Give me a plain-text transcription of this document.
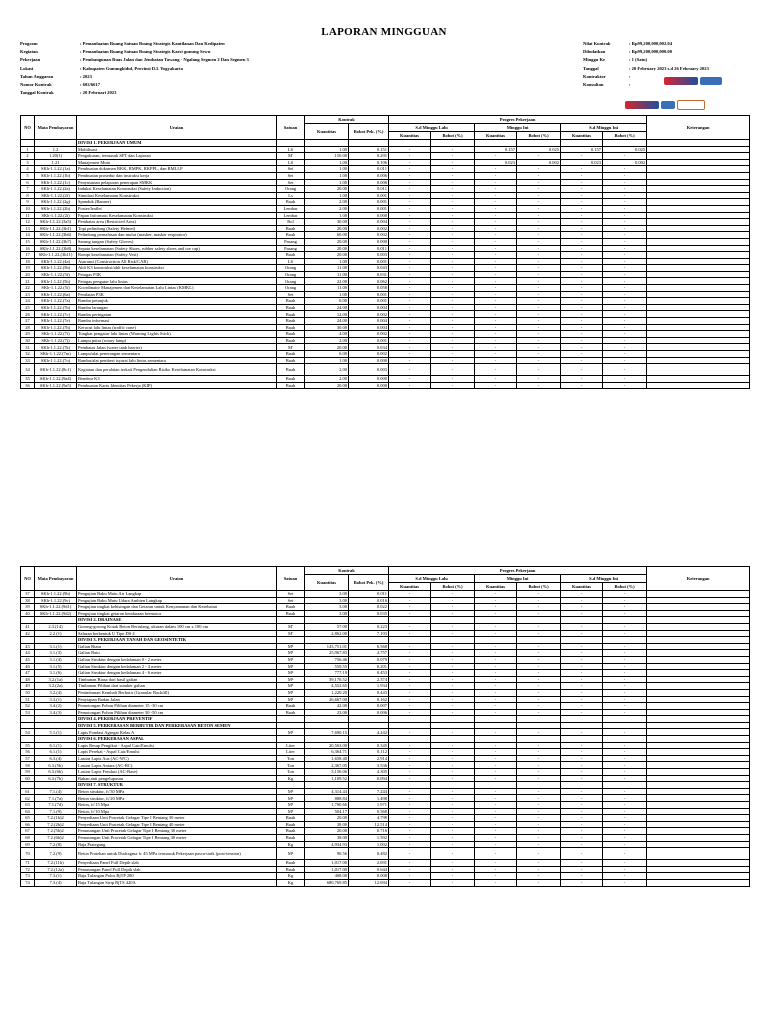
LAPORAN MINGGUAN
Program	: Pemanfaatan Ruang Satuan Ruang Strategis Kantilanan Dan Kedipaten
Kegiatan	: Pemanfaatan Ruang Satuan Ruang Strategis Karst gunung Sewu
Pekerjaan	: Pembangunan Ruas Jalan dan Jembatan Tawang - Ngalang Segmen 2 Dan Segmen 3
Lokasi	: Kabupaten Gunungkidul, Provinsi D.I. Yogyakarta
Tahun Anggaran	: 2023
Nomor Kontrak	: 602/6617
Tanggal Kontrak	: 20 Februari 2023
Nilai Kontrak	: Rp99,200,000,002.04
Dibulatkan	: Rp99,200,000,000.00
Minggu Ke	: 1 (Satu)
Tanggal	: 20 February 2023 s.d 26 February 2023
Kontraktor	:
Konsultan	:
NO	Mata Pembayaran	Uraian	Satuan	Kontrak		Progres Pekerjaan						Keterangan
				Kuantitas	Bobot Pek. (%)	S.d Minggu Lalu		Minggu Ini		S.d Minggu Ini		
						Kuantitas	Bobot (%)	Kuantitas	Bobot (%)	Kuantitas	Bobot (%)	
		DIVISI 1. PEKERJAAN UMUM										
1	1.2	Mobilisasi	LS	1.00	0.151	-	-	0.157	0.025	0.157	0.025	
2	1.20(1)	Pengukuran, termasuk SFT dan Laporan	M'	150.00	0.291	-	-	-	-	-	-	
3	1.21	Manajemen Mutu	LS	1.00	0.106	-	-	0.023	0.002	0.023	0.002	
4	SKh-1.1.22.(1a)	Pembuatan dokumen RKK, RMPK, RKPPL, dan RMLLP	Set	1.00	0.011	-	-	-	-	-	-	
5	SKh-1.1.22.(1b)	Pembuatan prosedur dan instruksi kerja	Set	1.00	0.006	-	-	-	-	-	-	
6	SKh-1.1.22.(1c)	Penyusunan pelaporan penerapan SMKK	Set	1.00	0.006	-	-	-	-	-	-	
7	SKh-1.1.22.(2a)	Induksi Keselamatan Konstruksi (Safety Induction)	Orang	20.00	0.011	-	-	-	-	-	-	
8	SKh-1.1.22.(2f)	Simulasi Keselamatan Konstruksi	Ls	1.00	0.001	-	-	-	-	-	-	
9	SKh-1.1.22.(2g)	Spanduk (Banner)	Buah	2.00	0.001	-	-	-	-	-	-	
10	SKh-1.1.22.(2h)	Poster/leaflet	Lembar	2.00	0.001	-	-	-	-	-	-	
11	SKh-1.1.22.(2i)	Papan Informasi Keselamatan Konstruksi	Lembar	1.00	0.000	-	-	-	-	-	-	
12	SKh-1.1.22.(3a5)	Pembatas area (Restricted Area)	Rol	30.00	0.004	-	-	-	-	-	-	
13	SKh-1.1.22.(3b1)	Topi pelindung (Safety Helmet)	Buah	20.00	0.002	-	-	-	-	-	-	
14	SKh-1.1.22.(3b6)	Pelindung pernafasan dan mulut (masker, masker respirator)	Buah	60.00	0.002	-	-	-	-	-	-	
15	SKh-1.1.22.(3b7)	Sarung tangan (Safety Gloves)	Pasang	20.00	0.000	-	-	-	-	-	-	
16	SKh-1.1.22.(3b8)	Sepatu keselamatan (Safety Shoes, rubber safety shoes and toe cap)	Pasang	20.00	0.011	-	-	-	-	-	-	
17	SKh-1.1.22.(3b11)	Rompi keselamatan (Safety Vest)	Buah	20.00	0.003	-	-	-	-	-	-	
18	SKh-1.1.22.(4a)	Asuransi (Construction All Risk/CAR)	LS	1.00	0.001	-	-	-	-	-	-	
19	SKh-1.1.22.(5b)	Ahli K3 konstruksi/ahli keselamatan konstruksi	Orang	11.00	0.043	-	-	-	-	-	-	
20	SKh-1.1.22.(5f)	Petugas P3K	Orang	11.00	0.031	-	-	-	-	-	-	
21	SKh-1.1.22.(5h)	Petugas pengatur lalu lintas	Orang	22.00	0.062	-	-	-	-	-	-	
22	SKh-1.1.22.(5i)	Koordinator Manajemen dan Keselamatan Lalu Lintas (KMKL)	Orang	11.00	0.058	-	-	-	-	-	-	
23	SKh-1.1.22.(6a)	Peralatan P3K	Set	1.00	0.001	-	-	-	-	-	-	
24	SKh-1.1.22.(7a)	Rambu petunjuk	Buah	6.00	0.001	-	-	-	-	-	-	
25	SKh-1.1.22.(7b)	Rambu larangan	Buah	24.00	0.004	-	-	-	-	-	-	
26	SKh-1.1.22.(7c)	Rambu peringatan	Buah	12.00	0.002	-	-	-	-	-	-	
27	SKh-1.1.22.(7e)	Rambu informasi	Buah	24.00	0.004	-	-	-	-	-	-	
28	SKh-1.1.22.(7h)	Kerucut lalu lintas (traffic cone)	Buah	30.00	0.004	-	-	-	-	-	-	
29	SKh-1.1.22.(7i)	Tongkat pengatur lalu lintas (Warning Lights Stick)	Buah	4.00	0.002	-	-	-	-	-	-	
30	SKh-1.1.22.(7j)	Lampu putar (rotary lamp)	Buah	2.00	0.001	-	-	-	-	-	-	
31	SKh-1.1.22.(7k)	Pembatas Jalan (water tank barrier)	M'	20.00	0.034	-	-	-	-	-	-	
32	SKh-1.1.22.(7m)	Lampu/alat penerangan sementara	Buah	6.00	0.002	-	-	-	-	-	-	
33	SKh-1.1.22.(7o)	Rambu/alat pemberi isyarat lalu lintas sementara	Buah	1.00	0.000	-	-	-	-	-	-	
34	SKh-1.1.22.(8c1)	Kegiatan dan peralatan terkait Pengendalian Risiko Keselamatan Konstruksi	Buah	2.00	0.003	-	-	-	-	-	-	
35	SKh-1.1.22.(9a4)	Bendera K3	Buah	2.00	0.000	-	-	-	-	-	-	
36	SKh-1.1.22.(9a5)	Pembuatan Kartu Identitas Pekerja (KIP)	Buah	20.00	0.000	-	-	-	-	-	-	
NO	Mata Pembayaran	Uraian	Satuan	Kontrak		Progres Pekerjaan						Keterangan
				Kuantitas	Bobot Pek. (%)	S.d Minggu Lalu		Minggu Ini		S.d Minggu Ini		
						Kuantitas	Bobot (%)	Kuantitas	Bobot (%)	Kuantitas	Bobot (%)	
37	SKh-1.1.22.(9b)	Pengujian Baku Mutu Air Langkap	Set	3.00	0.011	-	-	-	-	-	-	
38	SKh-1.1.22.(9c)	Pengujian Baku Mutu Udara Ambien Langkap	Set	3.00	0.016	-	-	-	-	-	-	
39	SKh-1.1.22.(9d1)	Pengujian tingkat kebisingan dan Getaran untuk Kenyamanan dan Kesehatan	Buah	3.00	0.022	-	-	-	-	-	-	
40	SKh-1.1.22.(9d2)	Pengujian tingkat getaran kendaraan bermotor	Buah	3.00	0.035	-	-	-	-	-	-	
		DIVISI 2. DRAINASE										
41	2.3.(14)	Gorong-gorong Kotak Beton Bertulang, ukuran dalam 100 cm x 100 cm	M'	57.00	0.223	-	-	-	-	-	-	
42	2.2.(1)	Saluran berbentuk U Tipe DS 4	M'	2,862.00	7.103	-	-	-	-	-	-	
		DIVISI 3. PEKERJAAN TANAH DAN GEOSINTETIK										
43	3.1.(1)	Galian Biasa	M³	143,751.01	6.568	-	-	-	-	-	-	
44	3.1.(3)	Galian Batu	M³	25,967.83	4.757	-	-	-	-	-	-	
45	3.1.(4)	Galian Struktur dengan kedalaman 0 - 2 meter	M³	756.46	0.079	-	-	-	-	-	-	
46	3.1.(5)	Galian Struktur dengan kedalaman 2 - 4 meter	M³	550.55	0.201	-	-	-	-	-	-	
47	3.1.(6)	Galian Struktur dengan kedalaman 4 - 6 meter	M³	777.19	0.453	-	-	-	-	-	-	
48	3.2.(1a)	Timbunan Biasa dari hasil galian	M³	39,176.52	2.374	-	-	-	-	-	-	
49	3.2.(2a)	Timbunan Pilihan dari sumber galian	M³	4,552.65	1.934	-	-	-	-	-	-	
50	3.2.(4)	Penimbunan Kembali Berbutir (Granular Backfill)	M³	1,220.20	0.443	-	-	-	-	-	-	
51	3.3.(1)	Penyiapan Badan Jalan	M²	26,667.00	0.162	-	-	-	-	-	-	
52	3.4.(2)	Pemotongan Pohon Pilihan diameter 15 -30 cm	Buah	42.00	0.007	-	-	-	-	-	-	
53	3.4.(3)	Pemotongan Pohon Pilihan diameter 30 -50 cm	Buah	23.00	0.006	-	-	-	-	-	-	
		DIVISI 4. PEKERJAAN PREVENTIF										
		DIVISI 5. PERKERASAN BERBUTIR DAN PERKERASAN BETON SEMEN										
54	5.1.(1)	Lapis Fondasi Agregat Kelas A	M³	7,690.15	4.242	-	-	-	-	-	-	
		DIVISI 6. PERKERASAN ASPAL										
55	6.1.(1)	Lapis Resap Pengikat - Aspal Cair/Emulsi	Liter	20,563.00	0.345	-	-	-	-	-	-	
56	6.1.(1)	Lapis Perekat - Aspal Cair/Emulsi	Liter	6,364.71	0.112	-	-	-	-	-	-	
57	6.3.(4)	Laston Lapis Aus (AC-WC)	Ton	1,658.40	2.914	-	-	-	-	-	-	
58	6.3.(5b)	Laston Lapis Antara (AC-BC)	Ton	2,367.05	3.536	-	-	-	-	-	-	
59	6.3.(6b)	Laston Lapis Fondasi (AC-Base)	Ton	3,156.06	4.305	-	-	-	-	-	-	
60	6.3.(7b)	Bahan anti pengelupasan	Kg	1,109.52	0.094	-	-	-	-	-	-	
		DIVISI 7. STRUKTUR										
61	7.1.(4)	Beton struktur, fc'30 MPa	M³	4,314.44	7.244	-	-	-	-	-	-	
62	7.1.(7a)	Beton struktur, fc'20 MPa	M³	888.84	1.498	-	-	-	-	-	-	
63	7.1.(7d)	Beton, fc'15 Mpa	M³	1,700.66	1.971	-	-	-	-	-	-	
64	7.1.(9)	Beton, fc'10 Mpa	M³	504.17	0.568	-	-	-	-	-	-	
65	7.2.(1b)2	Penyediaan Unit Pracetak Gelagar Tipe I Bentang 30 meter	Buah	20.00	4.798	-	-	-	-	-	-	
66	7.2.(2b)2	Penyediaan Unit Pracetak Gelagar Tipe I Bentang 40 meter	Buah	38.00	12.514	-	-	-	-	-	-	
67	7.2.(5b)2	Pemasangan Unit Pracetak Gelagar Tipe I Bentang 30 meter	Buah	20.00	0.716	-	-	-	-	-	-	
68	7.2.(6b)2	Pemasangan Unit Pracetak Gelagar Tipe I Bentang 40 meter	Buah	38.00	1.592	-	-	-	-	-	-	
69	7.2.(8)	Baja Prategang	Kg	4,934.93	1.002	-	-	-	-	-	-	
70	7.2.(9)	Beton Pratekan untuk Diafragma fc 45 MPa termasuk Pekerjaan pasca-tarik (post-tension)	M³	90.56	0.482	-	-	-	-	-	-	
71	7.2.(11b)	Penyediaan Panel Full Depth slab	Buah	1,017.00	2.691	-	-	-	-	-	-	
72	7.2.(12a)	Pemasangan Panel Full Depth slab	Buah	1,017.00	0.644	-	-	-	-	-	-	
73	7.3.(1)	Baja Tulangan Polos BjTP 280	Kg	408.00	0.008	-	-	-	-	-	-	
74	7.3.(4)	Baja Tulangan Sirip BjTS 420A	Kg	680,769.85	12.694	-	-	-	-	-	-	
